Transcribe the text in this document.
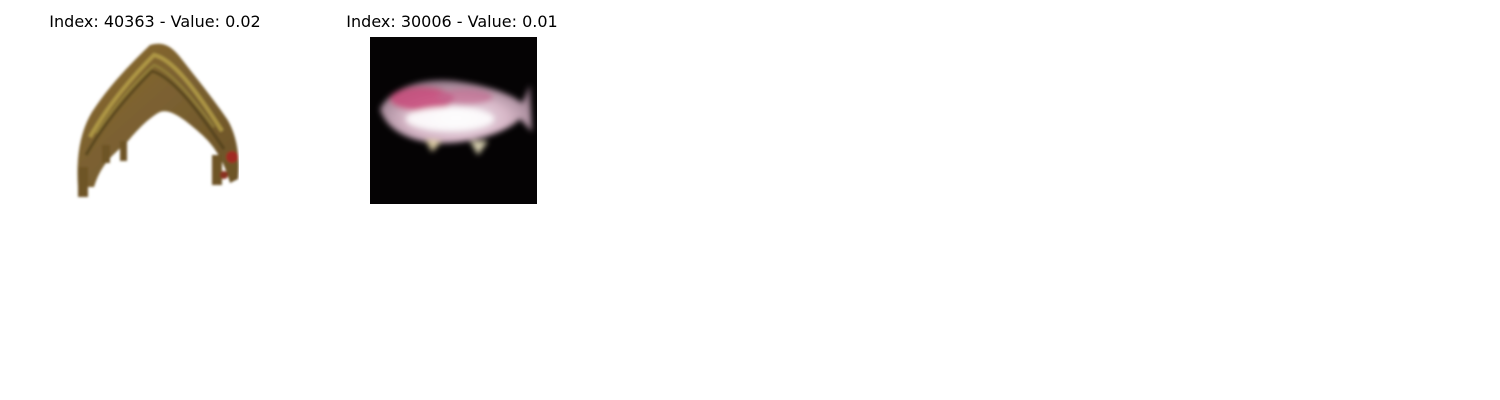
Index: 40363 - Value: 0.02	Index: 30006 - Value: 0.01
